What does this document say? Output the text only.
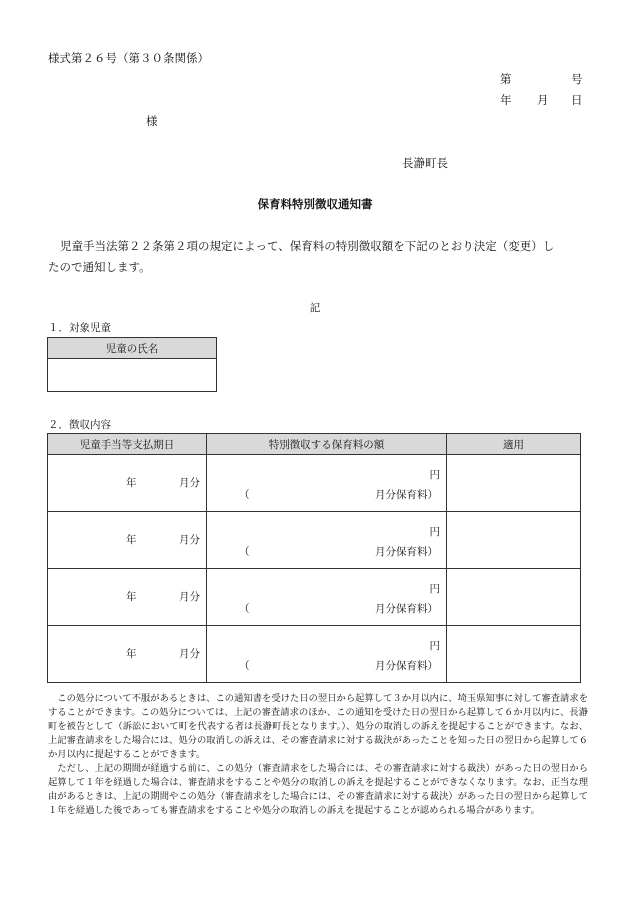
様式第２６号（第３０条関係）
第	号
年 月 日
様
長瀞町長
保育料特別徴収通知書
児童手当法第２２条第２項の規定によって、保育料の特別徴収額を下記のとおり決定（変更）し
たので通知します。
記
１．対象児童
児童の氏名

２．徴収内容
児童手当等支払期日	特別徴収する保育料の額	適用

年 月分	円
（ 月分保育料）	

年 月分	円
（ 月分保育料）	

年 月分	円
（ 月分保育料）	

年 月分	円
（ 月分保育料）	

この処分について不服があるときは、この通知書を受けた日の翌日から起算して３か月以内に、埼玉県知事に対して審査請求をすることができます。この処分については、上記の審査請求のほか、この通知を受けた日の翌日から起算して６か月以内に、長瀞町を被告として（訴訟において町を代表する者は長瀞町長となります。）、処分の取消しの訴えを提起することができます。なお、上記審査請求をした場合には、処分の取消しの訴えは、その審査請求に対する裁決があったことを知った日の翌日から起算して６か月以内に提起することができます。

ただし、上記の期間が経過する前に、この処分（審査請求をした場合には、その審査請求に対する裁決）があった日の翌日から起算して１年を経過した場合は、審査請求をすることや処分の取消しの訴えを提起することができなくなります。なお、正当な理由があるときは、上記の期間やこの処分（審査請求をした場合には、その審査請求に対する裁決）があった日の翌日から起算して１年を経過した後であっても審査請求をすることや処分の取消しの訴えを提起することが認められる場合があります。
